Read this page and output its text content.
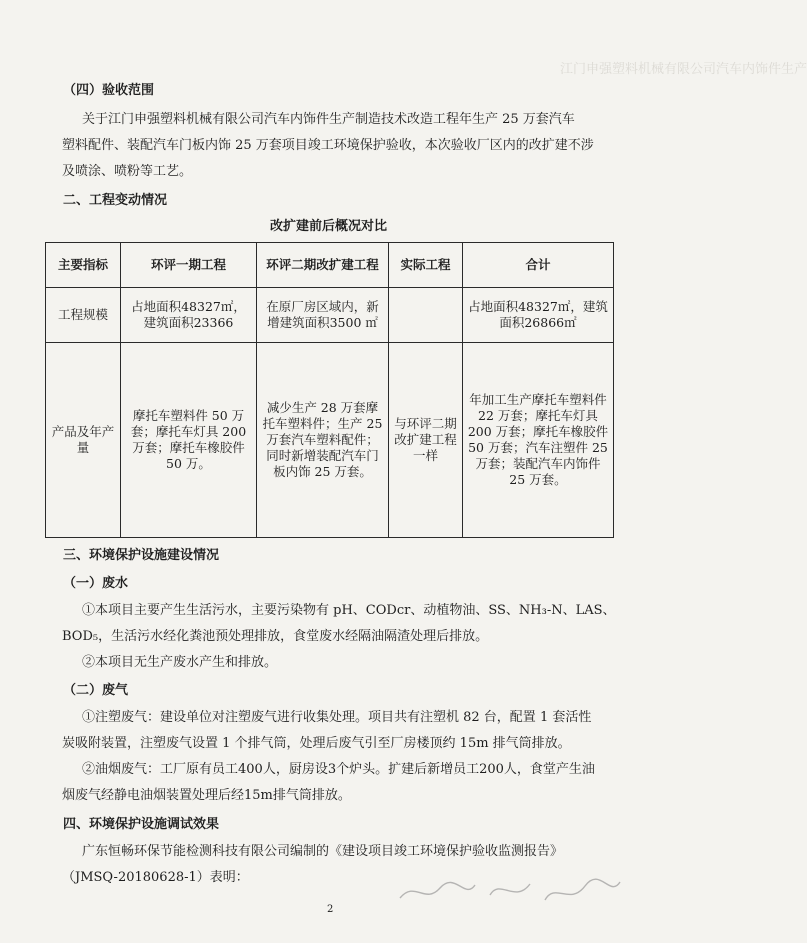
江门申强塑料机械有限公司汽车内饰件生产
（四）验收范围
关于江门申强塑料机械有限公司汽车内饰件生产制造技术改造工程年生产 25 万套汽车
塑料配件、装配汽车门板内饰 25 万套项目竣工环境保护验收，本次验收厂区内的改扩建不涉
及喷涂、喷粉等工艺。
二、工程变动情况
改扩建前后概况对比
主要指标	环评一期工程	环评二期改扩建工程	实际工程	合计
工程规模	占地面积48327㎡，建筑面积23366	在原厂房区域内，新增建筑面积3500 ㎡		占地面积48327㎡，建筑面积26866㎡
产品及年产量	摩托车塑料件 50 万套；摩托车灯具 200 万套；摩托车橡胶件 50 万。	减少生产 28 万套摩托车塑料件；生产 25 万套汽车塑料配件；同时新增装配汽车门板内饰 25 万套。	与环评二期改扩建工程一样	年加工生产摩托车塑料件 22 万套；摩托车灯具 200 万套；摩托车橡胶件 50 万套；汽车注塑件 25 万套；装配汽车内饰件 25 万套。
三、环境保护设施建设情况
（一）废水
①本项目主要产生生活污水，主要污染物有 pH、CODcr、动植物油、SS、NH₃-N、LAS、
BOD₅，生活污水经化粪池预处理排放，食堂废水经隔油隔渣处理后排放。
②本项目无生产废水产生和排放。
（二）废气
①注塑废气：建设单位对注塑废气进行收集处理。项目共有注塑机 82 台，配置 1 套活性
炭吸附装置，注塑废气设置 1 个排气筒，处理后废气引至厂房楼顶约 15m 排气筒排放。
②油烟废气：工厂原有员工400人，厨房设3个炉头。扩建后新增员工200人，食堂产生油
烟废气经静电油烟装置处理后经15m排气筒排放。
四、环境保护设施调试效果
广东恒畅环保节能检测科技有限公司编制的《建设项目竣工环境保护验收监测报告》
（JMSQ-20180628-1）表明：
2
